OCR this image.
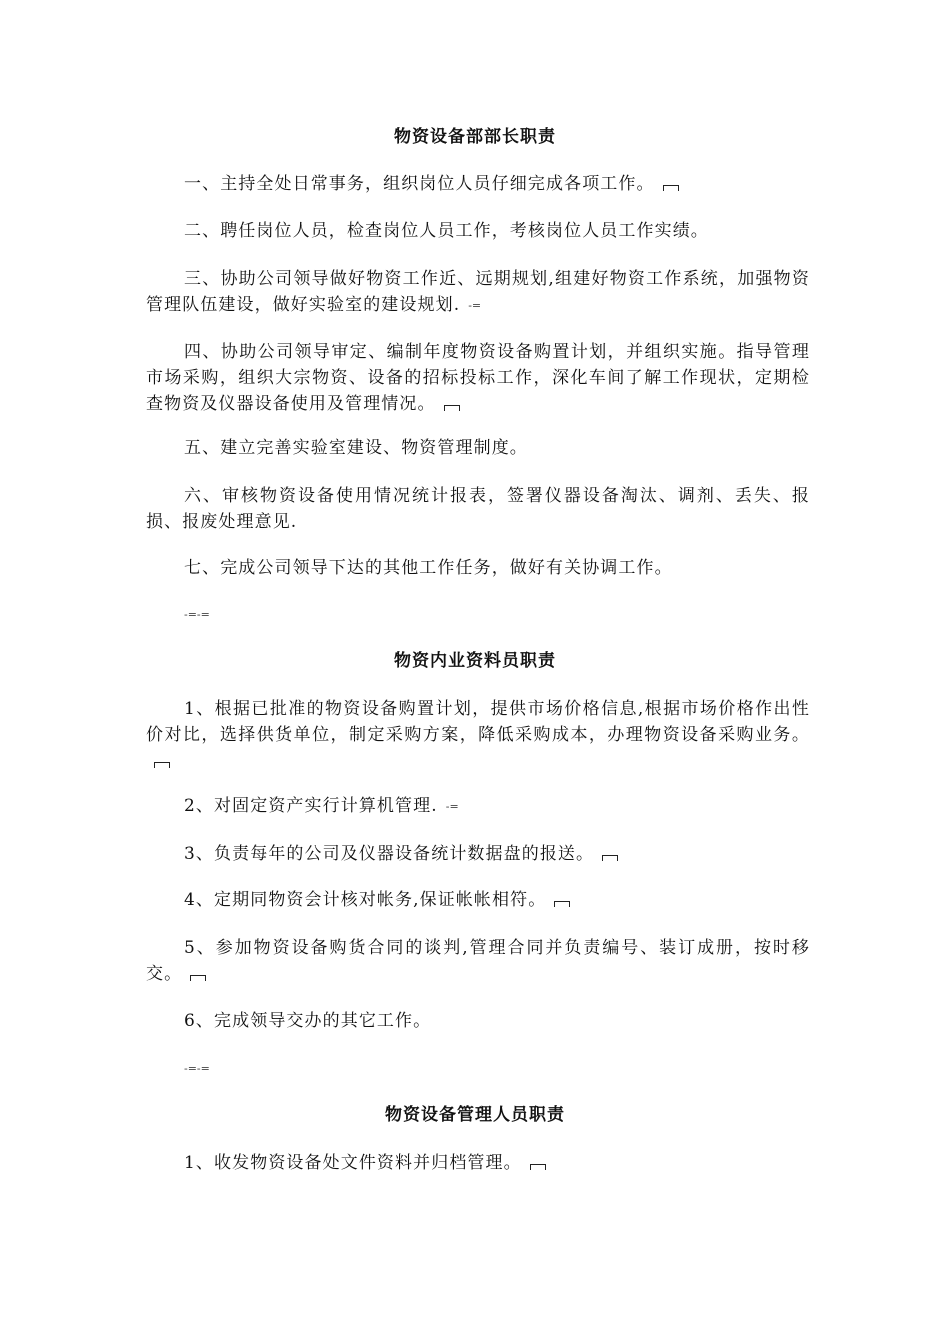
物资设备部部长职责

一、主持全处日常事务，组织岗位人员仔细完成各项工作。

二、聘任岗位人员，检查岗位人员工作，考核岗位人员工作实绩。

三、协助公司领导做好物资工作近、远期规划,组建好物资工作系统，加强物资管理队伍建设，做好实验室的建设规划. -=

四、协助公司领导审定、编制年度物资设备购置计划，并组织实施。指导管理市场采购，组织大宗物资、设备的招标投标工作，深化车间了解工作现状，定期检查物资及仪器设备使用及管理情况。

五、建立完善实验室建设、物资管理制度。

六、审核物资设备使用情况统计报表，签署仪器设备淘汰、调剂、丢失、报损、报废处理意见.

七、完成公司领导下达的其他工作任务，做好有关协调工作。

-=-=
物资内业资料员职责

1、根据已批准的物资设备购置计划，提供市场价格信息,根据市场价格作出性价对比，选择供货单位，制定采购方案，降低采购成本，办理物资设备采购业务。

2、对固定资产实行计算机管理. -=

3、负责每年的公司及仪器设备统计数据盘的报送。

4、定期同物资会计核对帐务,保证帐帐相符。

5、参加物资设备购货合同的谈判,管理合同并负责编号、装订成册，按时移交。

6、完成领导交办的其它工作。

-=-=
物资设备管理人员职责

1、收发物资设备处文件资料并归档管理。
